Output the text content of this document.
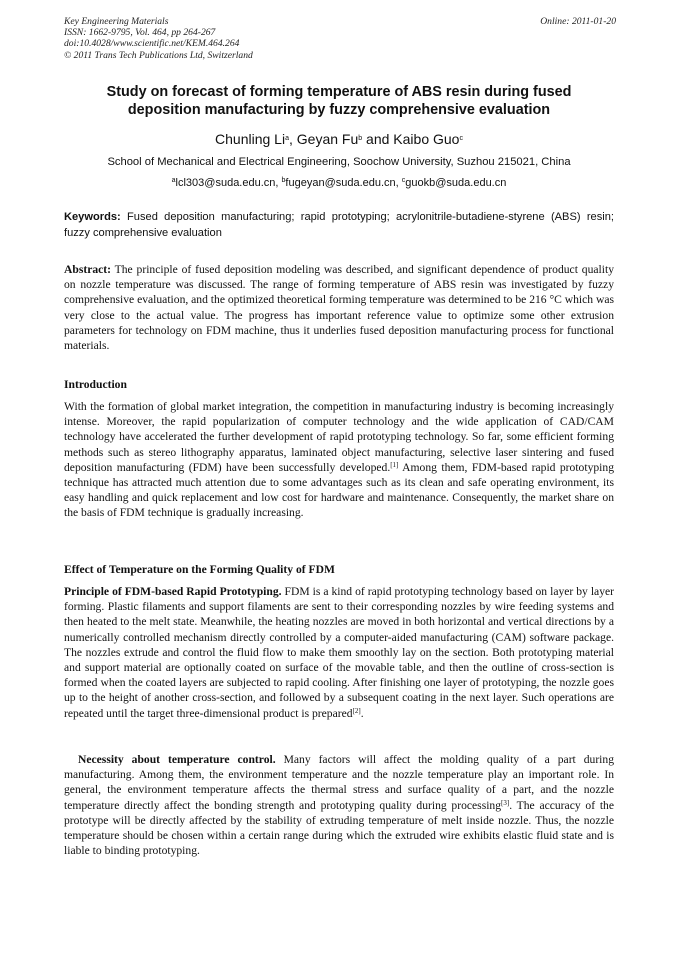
Key Engineering Materials
ISSN: 1662-9795, Vol. 464, pp 264-267
doi:10.4028/www.scientific.net/KEM.464.264
© 2011 Trans Tech Publications Ltd, Switzerland
Online: 2011-01-20
Study on forecast of forming temperature of ABS resin during fused
deposition manufacturing by fuzzy comprehensive evaluation
Chunling Li$^a$, Geyan Fu$^b$ and Kaibo Guo$^c$
School of Mechanical and Electrical Engineering, Soochow University, Suzhou 215021, China
$^a$lcl303@suda.edu.cn, $^b$fugeyan@suda.edu.cn, $^c$guokb@suda.edu.cn
Keywords: Fused deposition manufacturing; rapid prototyping; acrylonitrile-butadiene-styrene (ABS) resin; fuzzy comprehensive evaluation
Abstract: The principle of fused deposition modeling was described, and significant dependence of product quality on nozzle temperature was discussed. The range of forming temperature of ABS resin was investigated by fuzzy comprehensive evaluation, and the optimized theoretical forming temperature was determined to be 216 °C which was very close to the actual value. The progress has important reference value to optimize some other extrusion parameters for technology on FDM machine, thus it underlies fused deposition manufacturing process for functional materials.
Introduction
With the formation of global market integration, the competition in manufacturing industry is becoming increasingly intense. Moreover, the rapid popularization of computer technology and the wide application of CAD/CAM technology have accelerated the further development of rapid prototyping technology. So far, some efficient forming methods such as stereo lithography apparatus, laminated object manufacturing, selective laser sintering and fused deposition manufacturing (FDM) have been successfully developed.[1] Among them, FDM-based rapid prototyping technique has attracted much attention due to some advantages such as its clean and safe operating environment, its easy handling and quick replacement and low cost for hardware and maintenance. Consequently, the market share on the basis of FDM technique is gradually increasing.
Effect of Temperature on the Forming Quality of FDM
Principle of FDM-based Rapid Prototyping. FDM is a kind of rapid prototyping technology based on layer by layer forming. Plastic filaments and support filaments are sent to their corresponding nozzles by wire feeding systems and then heated to the melt state. Meanwhile, the heating nozzles are moved in both horizontal and vertical directions by a numerically controlled mechanism directly controlled by a computer-aided manufacturing (CAM) software package. The nozzles extrude and control the fluid flow to make them smoothly lay on the section. Both prototyping material and support material are optionally coated on surface of the movable table, and then the outline of cross-section is formed when the coated layers are subjected to rapid cooling. After finishing one layer of prototyping, the nozzle goes up to the height of another cross-section, and followed by a subsequent coating in the next layer. Such operations are repeated until the target three-dimensional product is prepared[2].
Necessity about temperature control. Many factors will affect the molding quality of a part during manufacturing. Among them, the environment temperature and the nozzle temperature play an important role. In general, the environment temperature affects the thermal stress and surface quality of a part, and the nozzle temperature directly affect the bonding strength and prototyping quality during processing[3]. The accuracy of the prototype will be directly affected by the stability of extruding temperature of melt inside nozzle. Thus, the nozzle temperature should be chosen within a certain range during which the extruded wire exhibits elastic fluid state and is liable to binding prototyping.
